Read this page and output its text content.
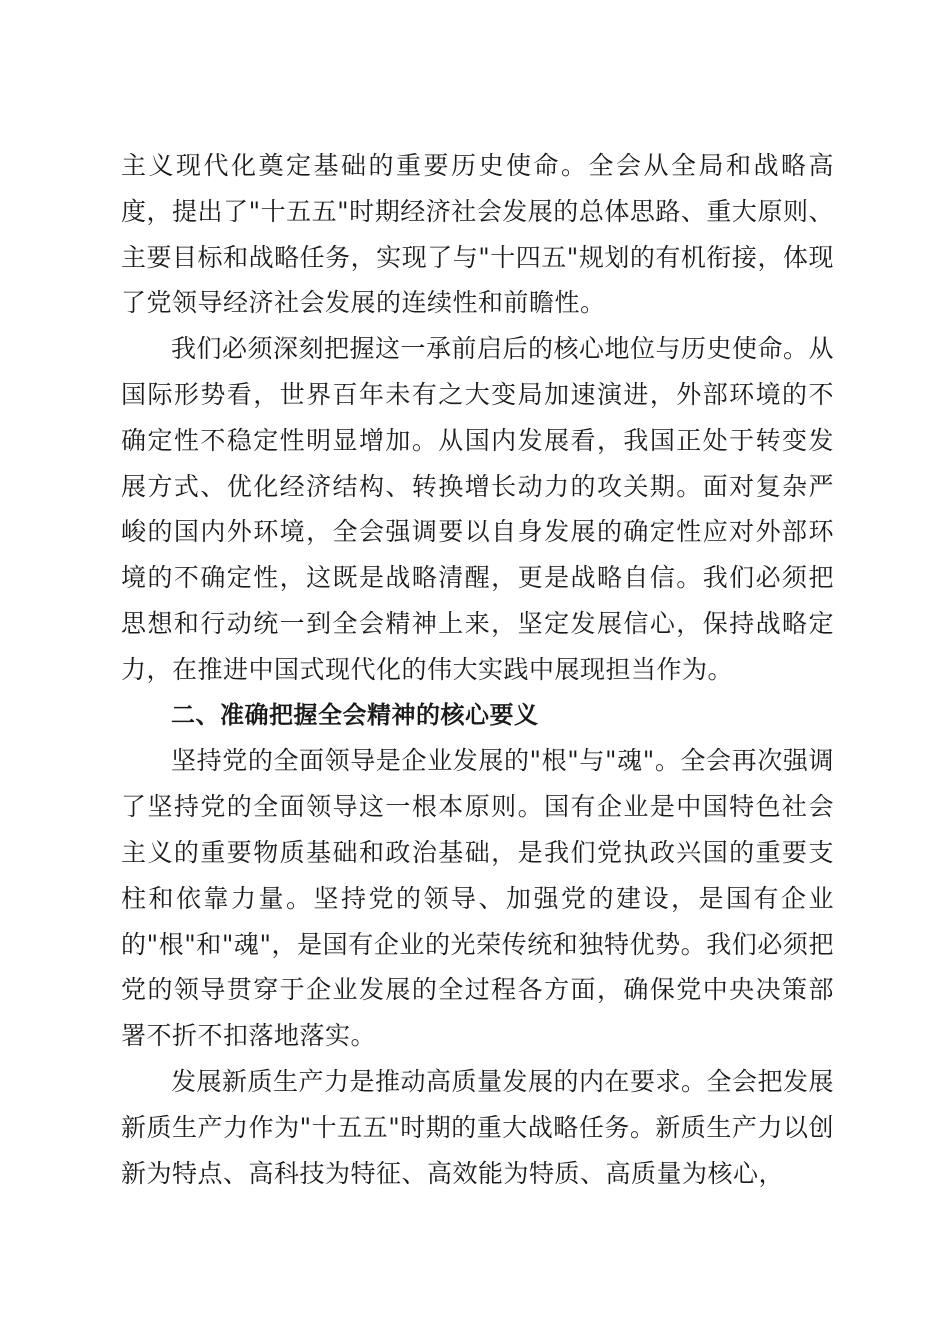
主义现代化奠定基础的重要历史使命。全会从全局和战略高度，提出了"十五五"时期经济社会发展的总体思路、重大原则、主要目标和战略任务，实现了与"十四五"规划的有机衔接，体现了党领导经济社会发展的连续性和前瞻性。

我们必须深刻把握这一承前启后的核心地位与历史使命。从国际形势看，世界百年未有之大变局加速演进，外部环境的不确定性不稳定性明显增加。从国内发展看，我国正处于转变发展方式、优化经济结构、转换增长动力的攻关期。面对复杂严峻的国内外环境，全会强调要以自身发展的确定性应对外部环境的不确定性，这既是战略清醒，更是战略自信。我们必须把思想和行动统一到全会精神上来，坚定发展信心，保持战略定力，在推进中国式现代化的伟大实践中展现担当作为。

二、准确把握全会精神的核心要义

坚持党的全面领导是企业发展的"根"与"魂"。全会再次强调了坚持党的全面领导这一根本原则。国有企业是中国特色社会主义的重要物质基础和政治基础，是我们党执政兴国的重要支柱和依靠力量。坚持党的领导、加强党的建设，是国有企业的"根"和"魂"，是国有企业的光荣传统和独特优势。我们必须把党的领导贯穿于企业发展的全过程各方面，确保党中央决策部署不折不扣落地落实。

发展新质生产力是推动高质量发展的内在要求。全会把发展新质生产力作为"十五五"时期的重大战略任务。新质生产力以创新为特点、高科技为特征、高效能为特质、高质量为核心，
